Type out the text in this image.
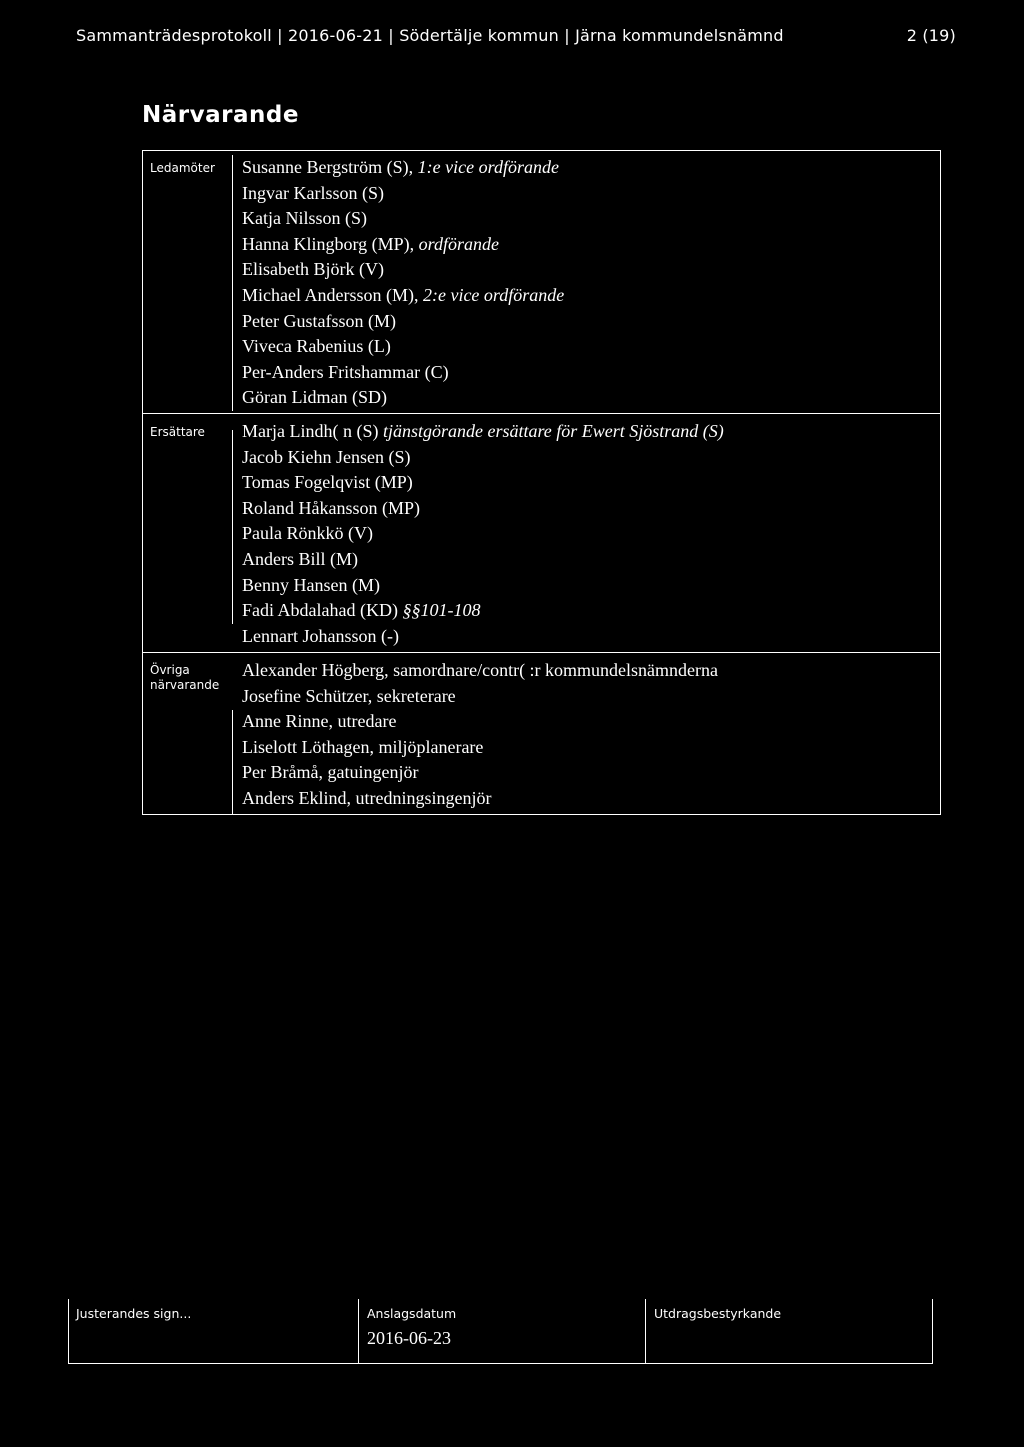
Sammanträdesprotokoll | 2016-06-21 | Södertälje kommun | Järna kommundelsnämnd	2 (19)
Närvarande
Ledamöter Susanne Bergström (S), 1:e vice ordförande
Ingvar Karlsson (S)
Katja Nilsson (S)
Hanna Klingborg (MP), ordförande
Elisabeth Björk (V)
Michael Andersson (M), 2:e vice ordförande
Peter Gustafsson (M)
Viveca Rabenius (L)
Per-Anders Fritshammar (C)
Göran Lidman (SD)
Ersättare Marja Lindh( n (S) tjänstgörande ersättare för Ewert Sjöstrand (S)
Jacob Kiehn Jensen (S)
Tomas Fogelqvist (MP)
Roland Håkansson (MP)
Paula Rönkkö (V)
Anders Bill (M)
Benny Hansen (M)
Fadi Abdalahad (KD) §§101-108
Lennart Johansson (-)
Övriga
närvarande
Alexander Högberg, samordnare/contr( :r kommundelsnämnderna
Josefine Schützer, sekreterare
Anne Rinne, utredare
Liselott Löthagen, miljöplanerare
Per Bråmå, gatuingenjör
Anders Eklind, utredningsingenjör
Justerandes sign...	Anslagsdatum
2016-06-23
Utdragsbestyrkande
